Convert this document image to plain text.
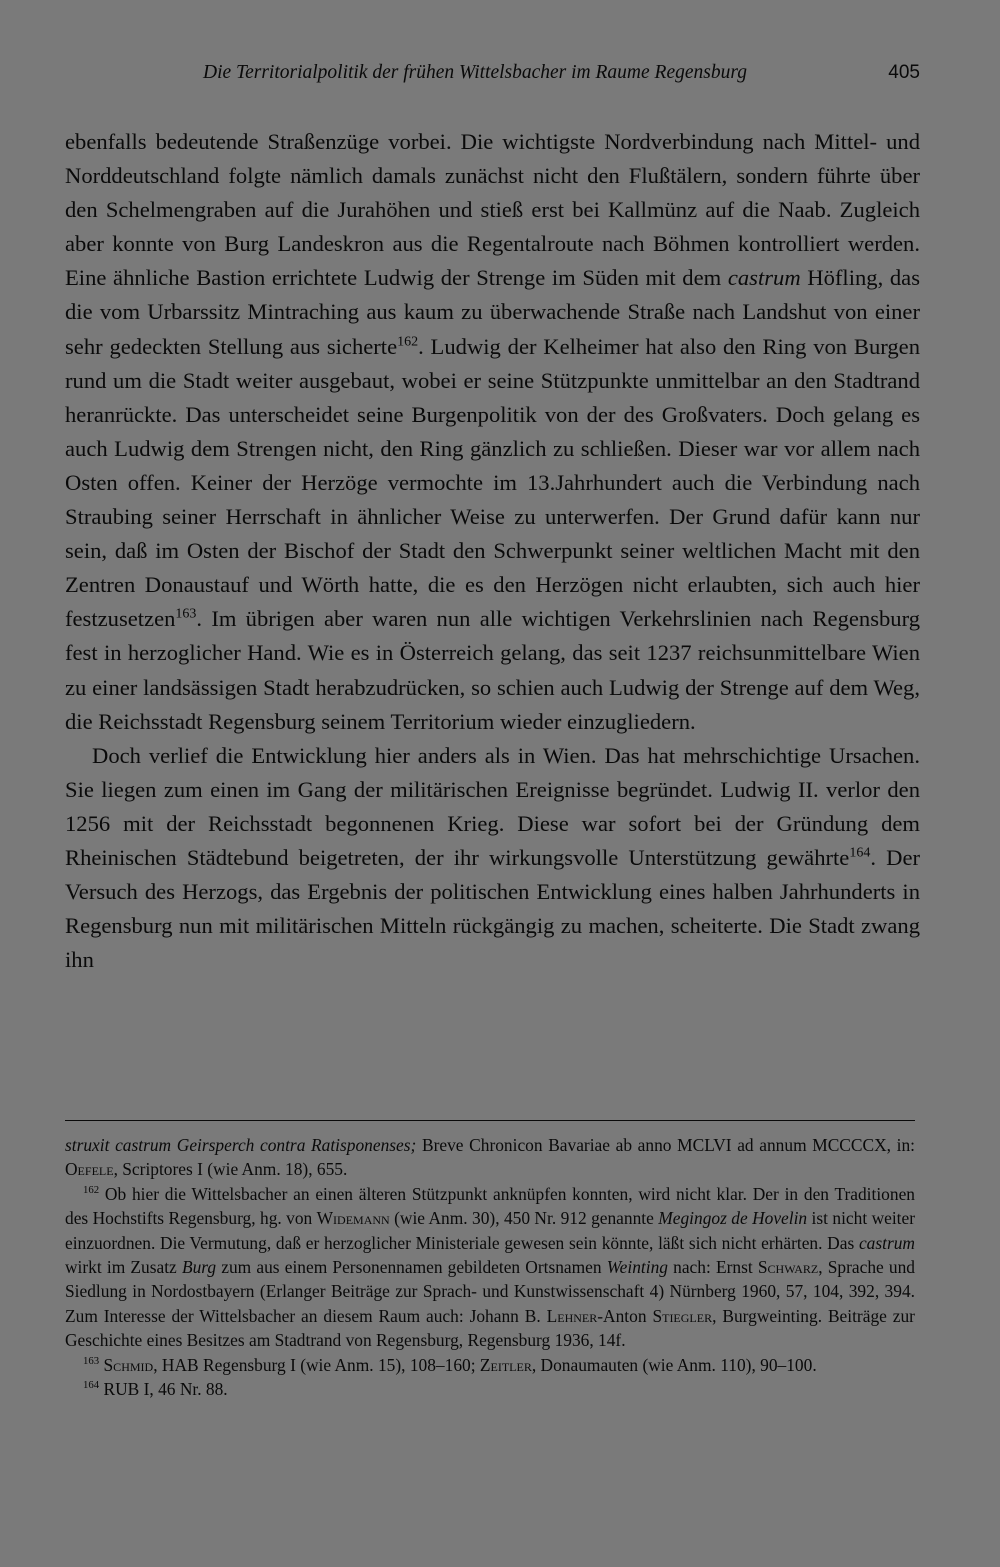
Die Territorialpolitik der frühen Wittelsbacher im Raume Regensburg	405

ebenfalls bedeutende Straßenzüge vorbei. Die wichtigste Nordverbindung nach Mittel- und Norddeutschland folgte nämlich damals zunächst nicht den Flußtälern, sondern führte über den Schelmengraben auf die Jurahöhen und stieß erst bei Kallmünz auf die Naab. Zugleich aber konnte von Burg Landeskron aus die Regentalroute nach Böhmen kontrolliert werden. Eine ähnliche Bastion errichtete Ludwig der Strenge im Süden mit dem castrum Höfling, das die vom Urbarssitz Mintraching aus kaum zu überwachende Straße nach Landshut von einer sehr gedeckten Stellung aus sicherte$^{162}$. Ludwig der Kelheimer hat also den Ring von Burgen rund um die Stadt weiter ausgebaut, wobei er seine Stützpunkte unmittelbar an den Stadtrand heranrückte. Das unterscheidet seine Burgenpolitik von der des Großvaters. Doch gelang es auch Ludwig dem Strengen nicht, den Ring gänzlich zu schließen. Dieser war vor allem nach Osten offen. Keiner der Herzöge vermochte im 13.Jahrhundert auch die Verbindung nach Straubing seiner Herrschaft in ähnlicher Weise zu unterwerfen. Der Grund dafür kann nur sein, daß im Osten der Bischof der Stadt den Schwerpunkt seiner weltlichen Macht mit den Zentren Donaustauf und Wörth hatte, die es den Herzögen nicht erlaubten, sich auch hier festzusetzen$^{163}$. Im übrigen aber waren nun alle wichtigen Verkehrslinien nach Regensburg fest in herzoglicher Hand. Wie es in Österreich gelang, das seit 1237 reichsunmittelbare Wien zu einer landsässigen Stadt herabzudrücken, so schien auch Ludwig der Strenge auf dem Weg, die Reichsstadt Regensburg seinem Territorium wieder einzugliedern.

Doch verlief die Entwicklung hier anders als in Wien. Das hat mehrschichtige Ursachen. Sie liegen zum einen im Gang der militärischen Ereignisse begründet. Ludwig II. verlor den 1256 mit der Reichsstadt begonnenen Krieg. Diese war sofort bei der Gründung dem Rheinischen Städtebund beigetreten, der ihr wirkungsvolle Unterstützung gewährte$^{164}$. Der Versuch des Herzogs, das Ergebnis der politischen Entwicklung eines halben Jahrhunderts in Regensburg nun mit militärischen Mitteln rückgängig zu machen, scheiterte. Die Stadt zwang ihn

struxit castrum Geirsperch contra Ratisponenses; Breve Chronicon Bavariae ab anno MCLVI ad annum MCCCCX, in: Oefele, Scriptores I (wie Anm. 18), 655.

$^{162}$ Ob hier die Wittelsbacher an einen älteren Stützpunkt anknüpfen konnten, wird nicht klar. Der in den Traditionen des Hochstifts Regensburg, hg. von Widemann (wie Anm. 30), 450 Nr. 912 genannte Megingoz de Hovelin ist nicht weiter einzuordnen. Die Vermutung, daß er herzoglicher Ministeriale gewesen sein könnte, läßt sich nicht erhärten. Das castrum wirkt im Zusatz Burg zum aus einem Personennamen gebildeten Ortsnamen Weinting nach: Ernst Schwarz, Sprache und Siedlung in Nordostbayern (Erlanger Beiträge zur Sprach- und Kunstwissenschaft 4) Nürnberg 1960, 57, 104, 392, 394. Zum Interesse der Wittelsbacher an diesem Raum auch: Johann B. Lehner-Anton Stiegler, Burgweinting. Beiträge zur Geschichte eines Besitzes am Stadtrand von Regensburg, Regensburg 1936, 14f.

$^{163}$ Schmid, HAB Regensburg I (wie Anm. 15), 108–160; Zeitler, Donaumauten (wie Anm. 110), 90–100.

$^{164}$ RUB I, 46 Nr. 88.
